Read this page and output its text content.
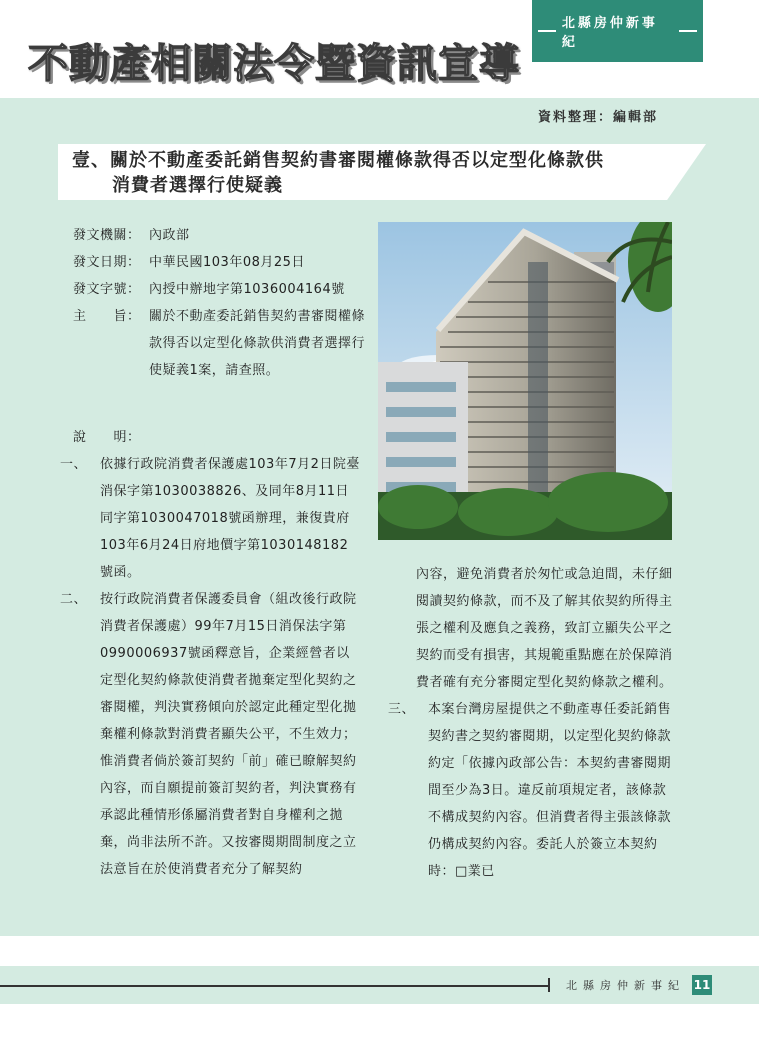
不動產相關法令暨資訊宣導
北縣房仲新事紀

資料整理：編輯部

壹、關於不動產委託銷售契約書審閱權條款得否以定型化條款供
消費者選擇行使疑義
發文機關： 內政部
發文日期： 中華民國103年08月25日
發文字號： 內授中辦地字第1036004164號
主　　旨： 關於不動產委託銷售契約書審閱權條款得否以定型化條款供消費者選擇行使疑義1案，請查照。

說　　明：

一、 依據行政院消費者保護處103年7月2日院臺消保字第1030038826、及同年8月11日同字第1030047018號函辦理，兼復貴府103年6月24日府地價字第1030148182號函。
二、 按行政院消費者保護委員會（組改後行政院消費者保護處）99年7月15日消保法字第0990006937號函釋意旨，企業經營者以定型化契約條款使消費者拋棄定型化契約之審閱權，判決實務傾向於認定此種定型化拋棄權利條款對消費者顯失公平，不生效力；惟消費者倘於簽訂契約「前」確已瞭解契約內容，而自願提前簽訂契約者，判決實務有承認此種情形係屬消費者對自身權利之拋棄，尚非法所不許。又按審閱期間制度之立法意旨在於使消費者充分了解契約

內容，避免消費者於匆忙或急迫間，未仔細閱讀契約條款，而不及了解其依契約所得主張之權利及應負之義務，致訂立顯失公平之契約而受有損害，其規範重點應在於保障消費者確有充分審閱定型化契約條款之權利。

三、 本案台灣房屋提供之不動產專任委託銷售契約書之契約審閱期，以定型化契約條款約定「依據內政部公告：本契約書審閱期間至少為3日。違反前項規定者，該條款不構成契約內容。但消費者得主張該條款仍構成契約內容。委託人於簽立本契約時：□業已

北縣房仲新事紀 11
